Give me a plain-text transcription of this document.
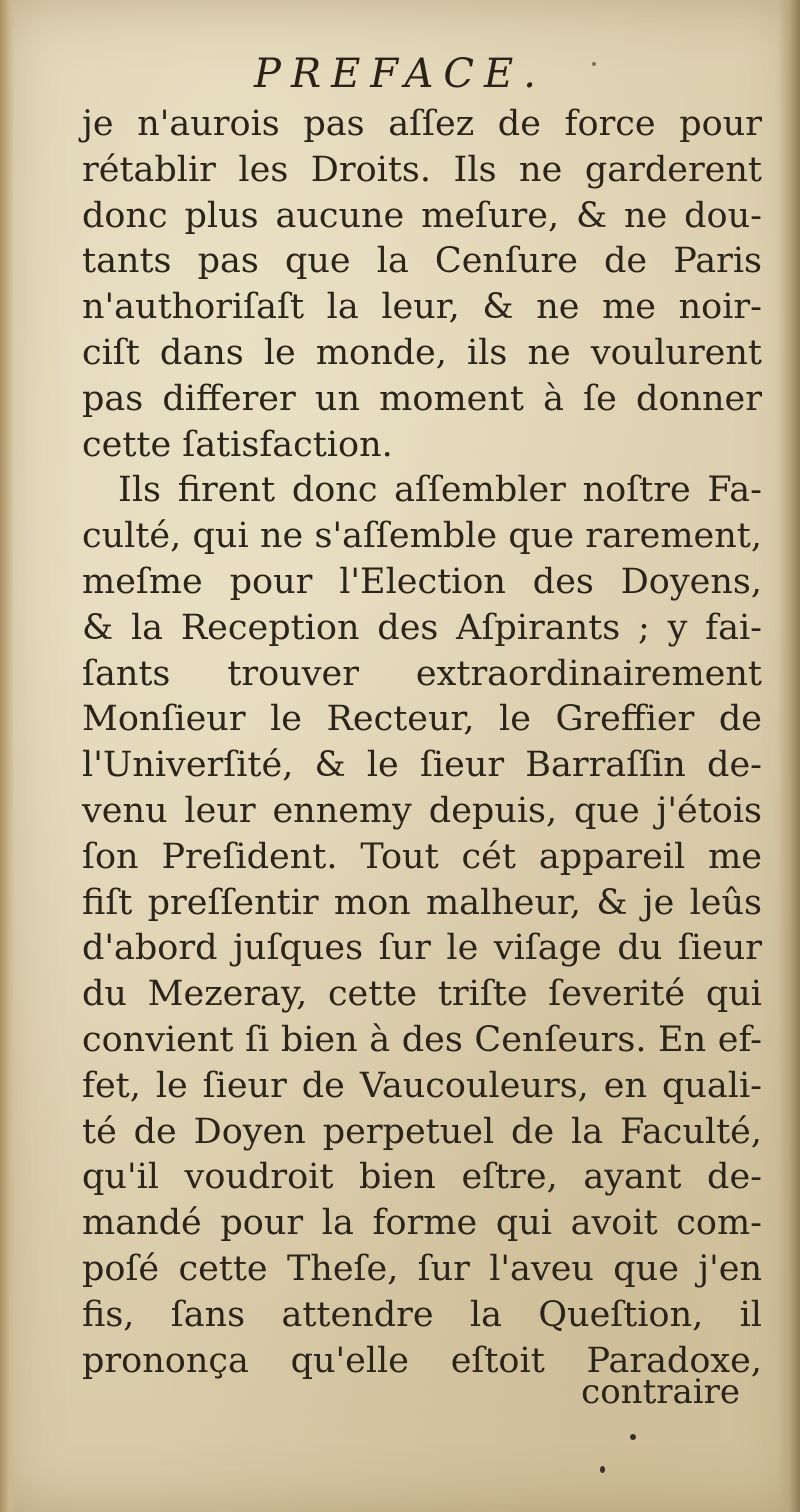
PREFACE.
je n'aurois pas aſſez de force pour
rétablir les Droits. Ils ne garderent
donc plus aucune meſure, & ne dou-
tants pas que la Cenſure de Paris
n'authoriſaſt la leur, & ne me noir-
ciſt dans le monde, ils ne voulurent
pas differer un moment à ſe donner
cette ſatisfaction.
Ils firent donc aſſembler noſtre Fa-
culté, qui ne s'aſſemble que rarement,
meſme pour l'Election des Doyens,
& la Reception des Aſpirants ; y fai-
ſants trouver extraordinairement
Monſieur le Recteur, le Greffier de
l'Univerſité, & le ſieur Barraſſin de-
venu leur ennemy depuis, que j'étois
ſon Preſident. Tout cét appareil me
fiſt preſſentir mon malheur, & je leûs
d'abord juſques ſur le viſage du ſieur
du Mezeray, cette triſte ſeverité qui
convient ſi bien à des Cenſeurs. En ef-
fet, le ſieur de Vaucouleurs, en quali-
té de Doyen perpetuel de la Faculté,
qu'il voudroit bien eſtre, ayant de-
mandé pour la forme qui avoit com-
poſé cette Theſe, ſur l'aveu que j'en
fis, ſans attendre la Queſtion, il
prononça qu'elle eſtoit Paradoxe,
contraire
